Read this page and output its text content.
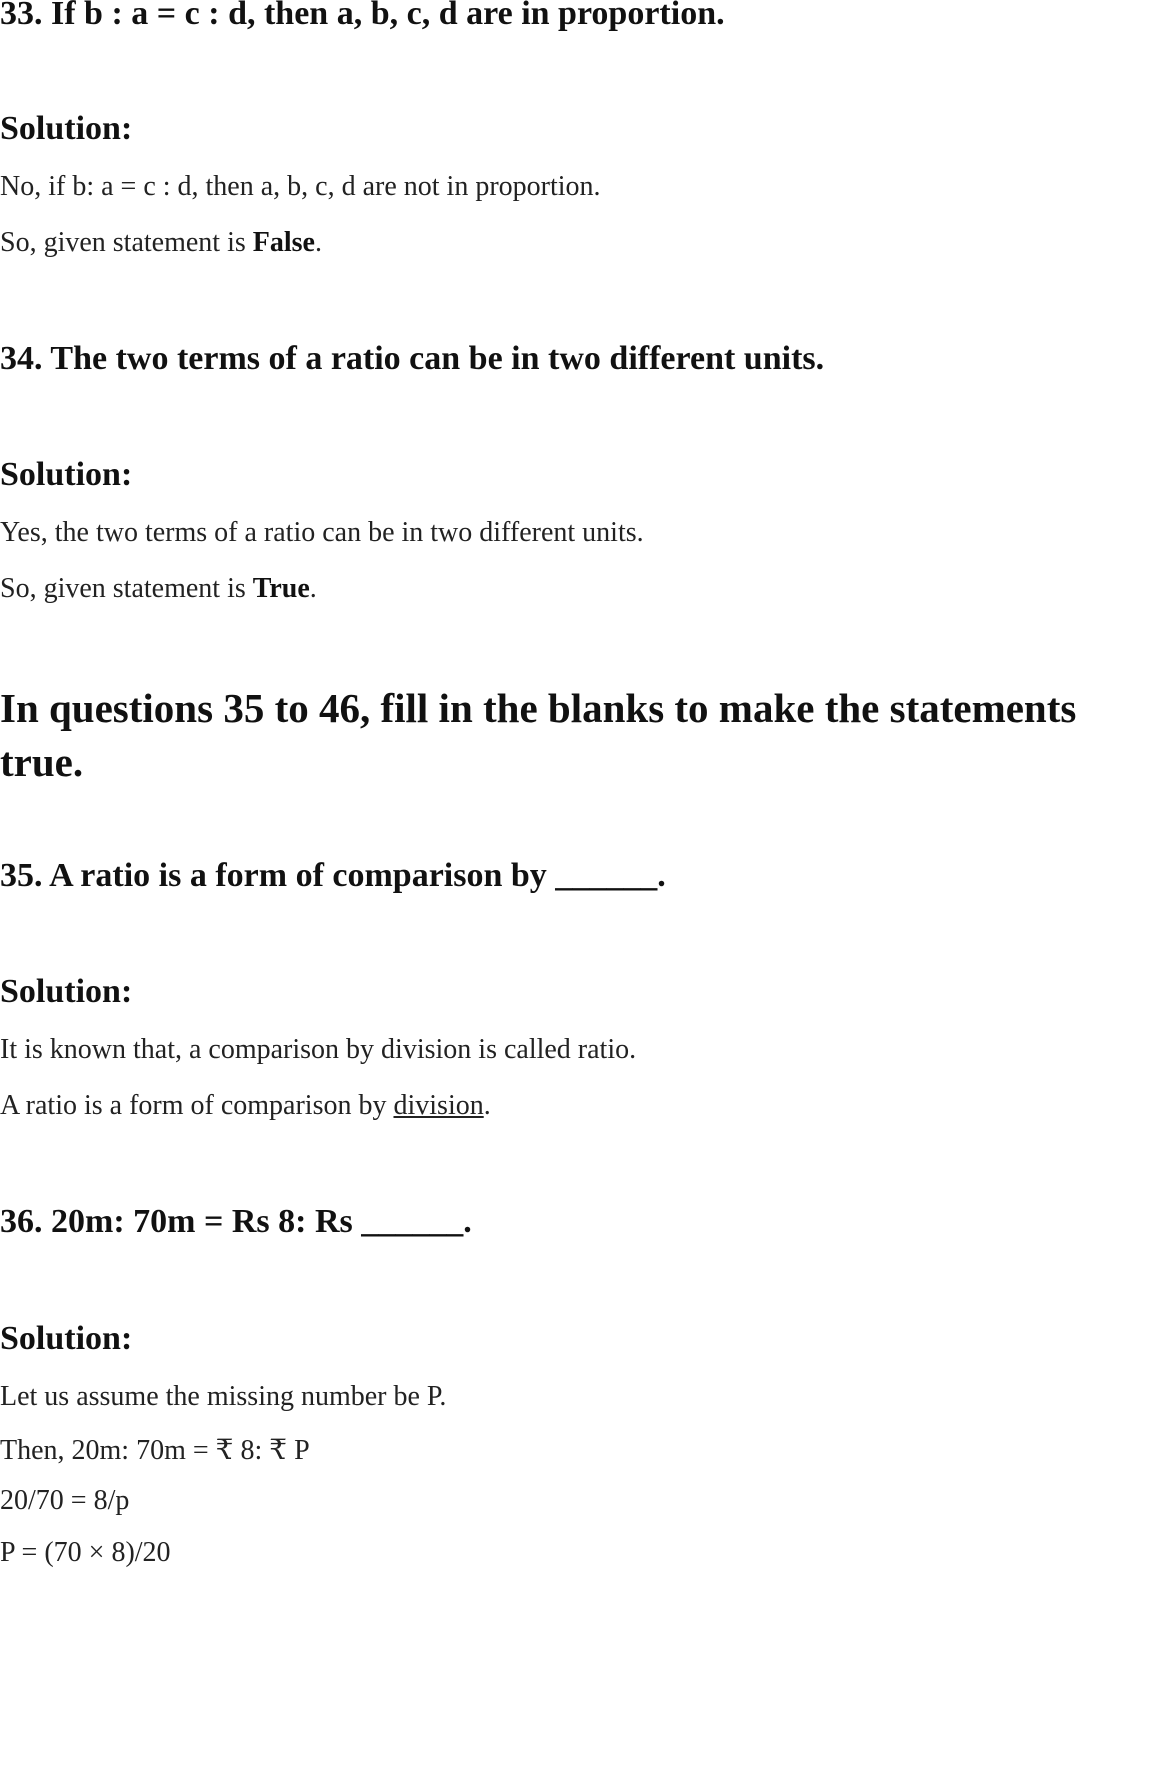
33. If b : a = c : d, then a, b, c, d are in proportion.
Solution:
No, if b: a = c : d, then a, b, c, d are not in proportion.
So, given statement is False.
34. The two terms of a ratio can be in two different units.
Solution:
Yes, the two terms of a ratio can be in two different units.
So, given statement is True.
In questions 35 to 46, fill in the blanks to make the statements true.
35. A ratio is a form of comparison by ______.
Solution:
It is known that, a comparison by division is called ratio.
A ratio is a form of comparison by division.
36. 20m: 70m = Rs 8: Rs ______.
Solution:
Let us assume the missing number be P.
Then, 20m: 70m = ₹ 8: ₹ P
20/70 = 8/p
P = (70 × 8)/20
